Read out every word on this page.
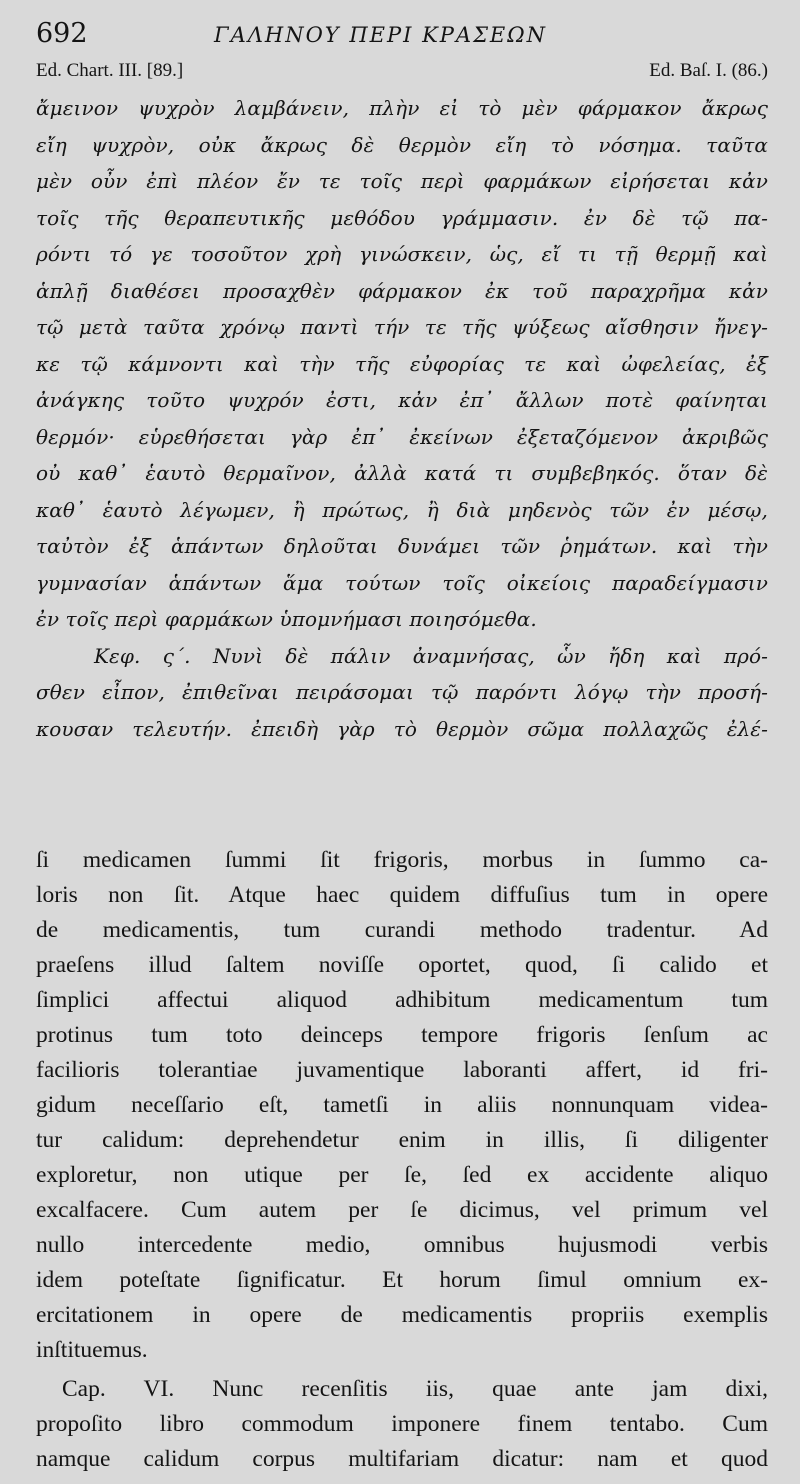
692	ΓΑΛΗΝΟΥ ΠΕΡΙ ΚΡΑΣΕΩΝ
Ed. Chart. III. [89.]	Ed. Baſ. I. (86.)

ἄμεινον ψυχρὸν λαμβάνειν, πλὴν εἰ τὸ μὲν φάρμακον ἄκρως
εἴη ψυχρὸν, οὐκ ἄκρως δὲ θερμὸν εἴη τὸ νόσημα. ταῦτα
μὲν οὖν ἐπὶ πλέον ἔν τε τοῖς περὶ φαρμάκων εἰρήσεται κἀν
τοῖς τῆς θεραπευτικῆς μεθόδου γράμμασιν. ἐν δὲ τῷ πα-
ρόντι τό γε τοσοῦτον χρὴ γινώσκειν, ὡς, εἴ τι τῇ θερμῇ καὶ
ἁπλῇ διαθέσει προσαχθὲν φάρμακον ἐκ τοῦ παραχρῆμα κἀν
τῷ μετὰ ταῦτα χρόνῳ παντὶ τήν τε τῆς ψύξεως αἴσθησιν ἤνεγ-
κε τῷ κάμνοντι καὶ τὴν τῆς εὐφορίας τε καὶ ὠφελείας, ἐξ
ἀνάγκης τοῦτο ψυχρόν ἐστι, κἀν ἐπ᾽ ἄλλων ποτὲ φαίνηται
θερμόν· εὑρεθήσεται γὰρ ἐπ᾽ ἐκείνων ἐξεταζόμενον ἀκριβῶς
οὐ καθ᾽ ἑαυτὸ θερμαῖνον, ἀλλὰ κατά τι συμβεβηκός. ὅταν δὲ
καθ᾽ ἑαυτὸ λέγωμεν, ἢ πρώτως, ἢ διὰ μηδενὸς τῶν ἐν μέσῳ,
ταὐτὸν ἐξ ἁπάντων δηλοῦται δυνάμει τῶν ῥημάτων. καὶ τὴν
γυμνασίαν ἁπάντων ἅμα τούτων τοῖς οἰκείοις παραδείγμασιν
ἐν τοῖς περὶ φαρμάκων ὑπομνήμασι ποιησόμεθα.

Κεφ. ς΄. Νυνὶ δὲ πάλιν ἀναμνήσας, ὧν ἤδη καὶ πρό-
σθεν εἶπον, ἐπιθεῖναι πειράσομαι τῷ παρόντι λόγῳ τὴν προσή-
κουσαν τελευτήν. ἐπειδὴ γὰρ τὸ θερμὸν σῶμα πολλαχῶς ἐλέ-

ſi medicamen ſummi ſit frigoris, morbus in ſummo ca-
loris non ſit. Atque haec quidem diffuſius tum in opere
de medicamentis, tum curandi methodo tradentur. Ad
praeſens illud ſaltem noviſſe oportet, quod, ſi calido et
ſimplici affectui aliquod adhibitum medicamentum tum
protinus tum toto deinceps tempore frigoris ſenſum ac
facilioris tolerantiae juvamentique laboranti affert, id fri-
gidum neceſſario eſt, tametſi in aliis nonnunquam videa-
tur calidum: deprehendetur enim in illis, ſi diligenter
exploretur, non utique per ſe, ſed ex accidente aliquo
excalfacere. Cum autem per ſe dicimus, vel primum vel
nullo intercedente medio, omnibus hujusmodi verbis
idem poteſtate ſignificatur. Et horum ſimul omnium ex-
ercitationem in opere de medicamentis propriis exemplis
inſtituemus.

Cap. VI. Nunc recenſitis iis, quae ante jam dixi,
propoſito libro commodum imponere finem tentabo. Cum
namque calidum corpus multifariam dicatur: nam et quod
